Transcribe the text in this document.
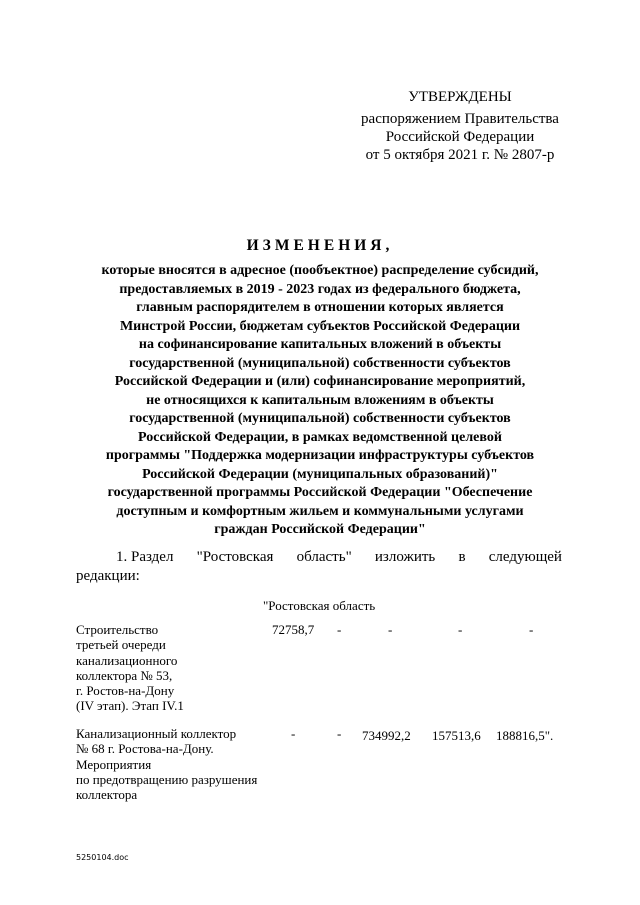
УТВЕРЖДЕНЫ
распоряжением Правительства
Российской Федерации
от 5 октября 2021 г. № 2807-р
ИЗМЕНЕНИЯ,
которые вносятся в адресное (пообъектное) распределение субсидий,
предоставляемых в 2019 - 2023 годах из федерального бюджета,
главным распорядителем в отношении которых является
Минстрой России, бюджетам субъектов Российской Федерации
на софинансирование капитальных вложений в объекты
государственной (муниципальной) собственности субъектов
Российской Федерации и (или) софинансирование мероприятий,
не относящихся к капитальным вложениям в объекты
государственной (муниципальной) собственности субъектов
Российской Федерации, в рамках ведомственной целевой
программы "Поддержка модернизации инфраструктуры субъектов
Российской Федерации (муниципальных образований)"
государственной программы Российской Федерации "Обеспечение
доступным и комфортным жильем и коммунальными услугами
граждан Российской Федерации"
1. Раздел "Ростовская область" изложить в следующей
редакции:
"Ростовская область
Строительство
третьей очереди
канализационного
коллектора № 53,
г. Ростов-на-Дону
(IV этап). Этап IV.1
72758,7 -	-	-	-
Канализационный коллектор
№ 68 г. Ростова-на-Дону.
Мероприятия
по предотвращению разрушения
коллектора
-	- 734992,2 157513,6 188816,5".
5250104.doc
